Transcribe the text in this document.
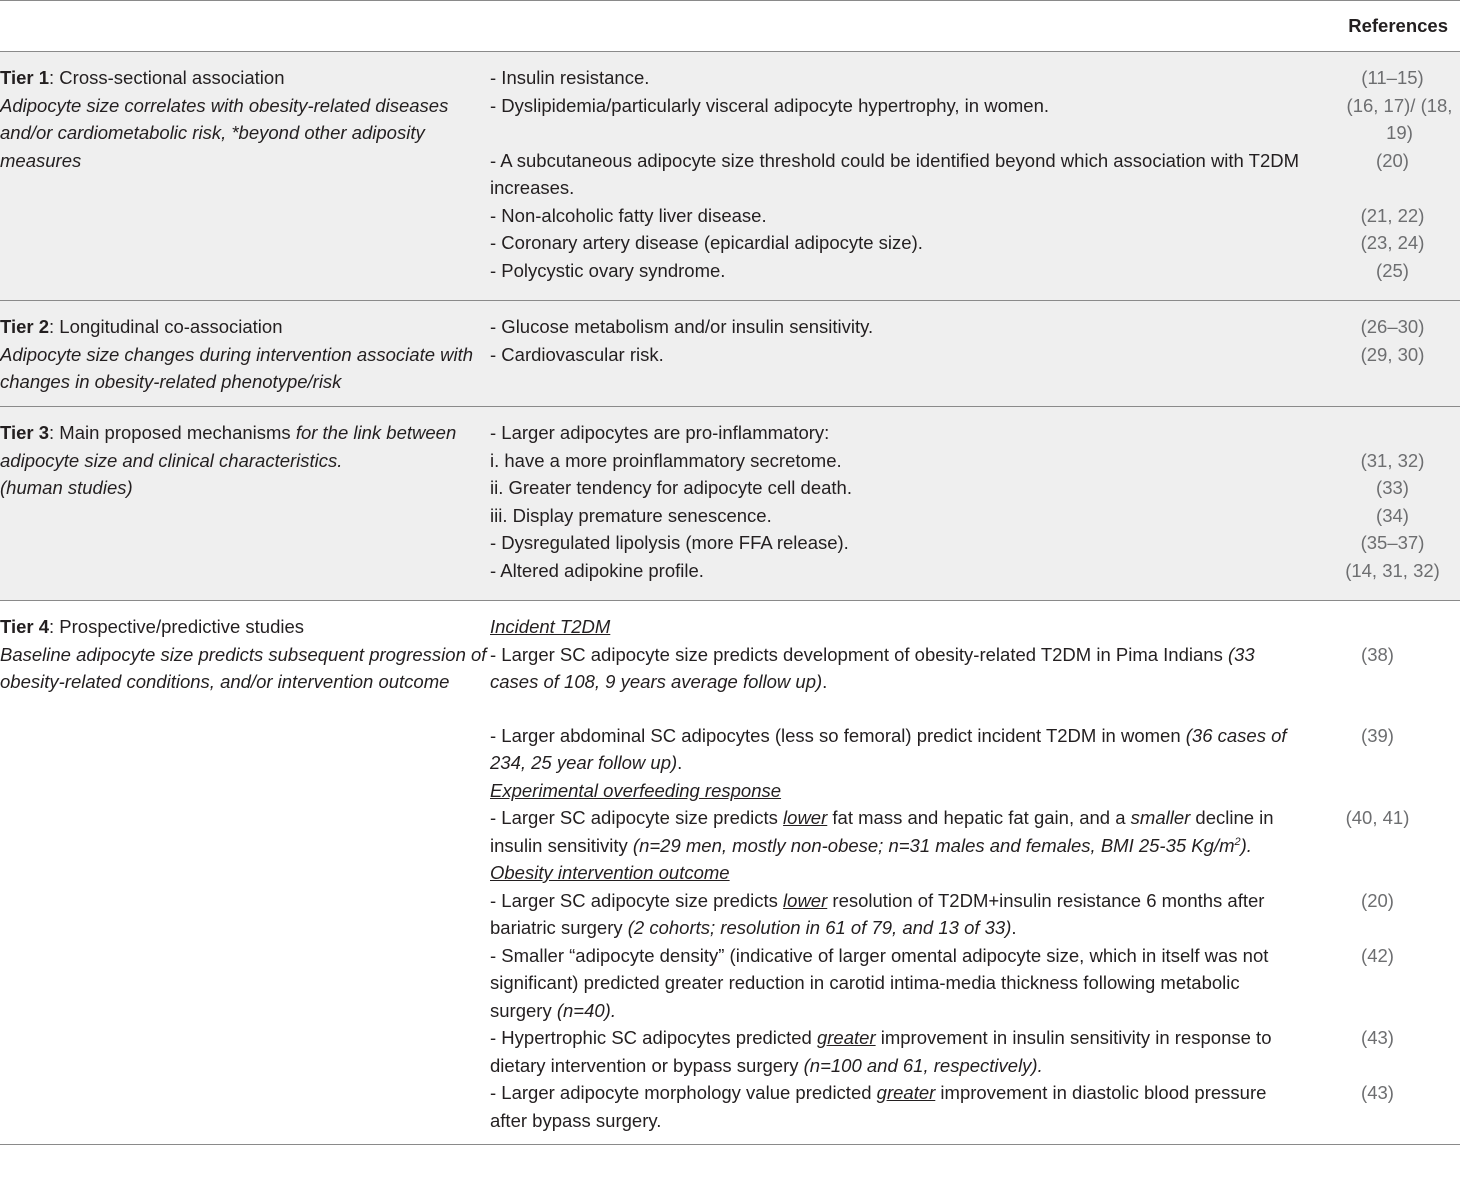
		References

Tier 1: Cross-sectional association
Adipocyte size correlates with obesity-related diseases and/or cardiometabolic risk, *beyond other adiposity measures	- Insulin resistance.	(11–15)
	- Dyslipidemia/particularly visceral adipocyte hypertrophy, in women.	(16, 17)/ (18, 19)
	- A subcutaneous adipocyte size threshold could be identified beyond which association with T2DM increases.	(20)
	- Non-alcoholic fatty liver disease.	(21, 22)
	- Coronary artery disease (epicardial adipocyte size).	(23, 24)
	- Polycystic ovary syndrome.	(25)

Tier 2: Longitudinal co-association
Adipocyte size changes during intervention associate with changes in obesity-related phenotype/risk	- Glucose metabolism and/or insulin sensitivity.	(26–30)
	- Cardiovascular risk.	(29, 30)

Tier 3: Main proposed mechanisms for the link between adipocyte size and clinical characteristics.
(human studies)	- Larger adipocytes are pro-inflammatory:	
	i. have a more proinflammatory secretome.	(31, 32)
	ii. Greater tendency for adipocyte cell death.	(33)
	iii. Display premature senescence.	(34)
	- Dysregulated lipolysis (more FFA release).	(35–37)
	- Altered adipokine profile.	(14, 31, 32)

Tier 4: Prospective/predictive studies
Baseline adipocyte size predicts subsequent progression of obesity-related conditions, and/or intervention outcome	Incident T2DM	
	- Larger SC adipocyte size predicts development of obesity-related T2DM in Pima Indians (33 cases of 108, 9 years average follow up).	(38)

	- Larger abdominal SC adipocytes (less so femoral) predict incident T2DM in women (36 cases of 234, 25 year follow up).	(39)
	Experimental overfeeding response	
	- Larger SC adipocyte size predicts lower fat mass and hepatic fat gain, and a smaller decline in insulin sensitivity (n=29 men, mostly non-obese; n=31 males and females, BMI 25-35 $Kg/m^2$).	(40, 41)
	Obesity intervention outcome	
	- Larger SC adipocyte size predicts lower resolution of T2DM+insulin resistance 6 months after bariatric surgery (2 cohorts; resolution in 61 of 79, and 13 of 33).	(20)
	- Smaller “adipocyte density” (indicative of larger omental adipocyte size, which in itself was not significant) predicted greater reduction in carotid intima-media thickness following metabolic surgery (n=40).	(42)
	- Hypertrophic SC adipocytes predicted greater improvement in insulin sensitivity in response to dietary intervention or bypass surgery (n=100 and 61, respectively).	(43)
	- Larger adipocyte morphology value predicted greater improvement in diastolic blood pressure after bypass surgery.	(43)
